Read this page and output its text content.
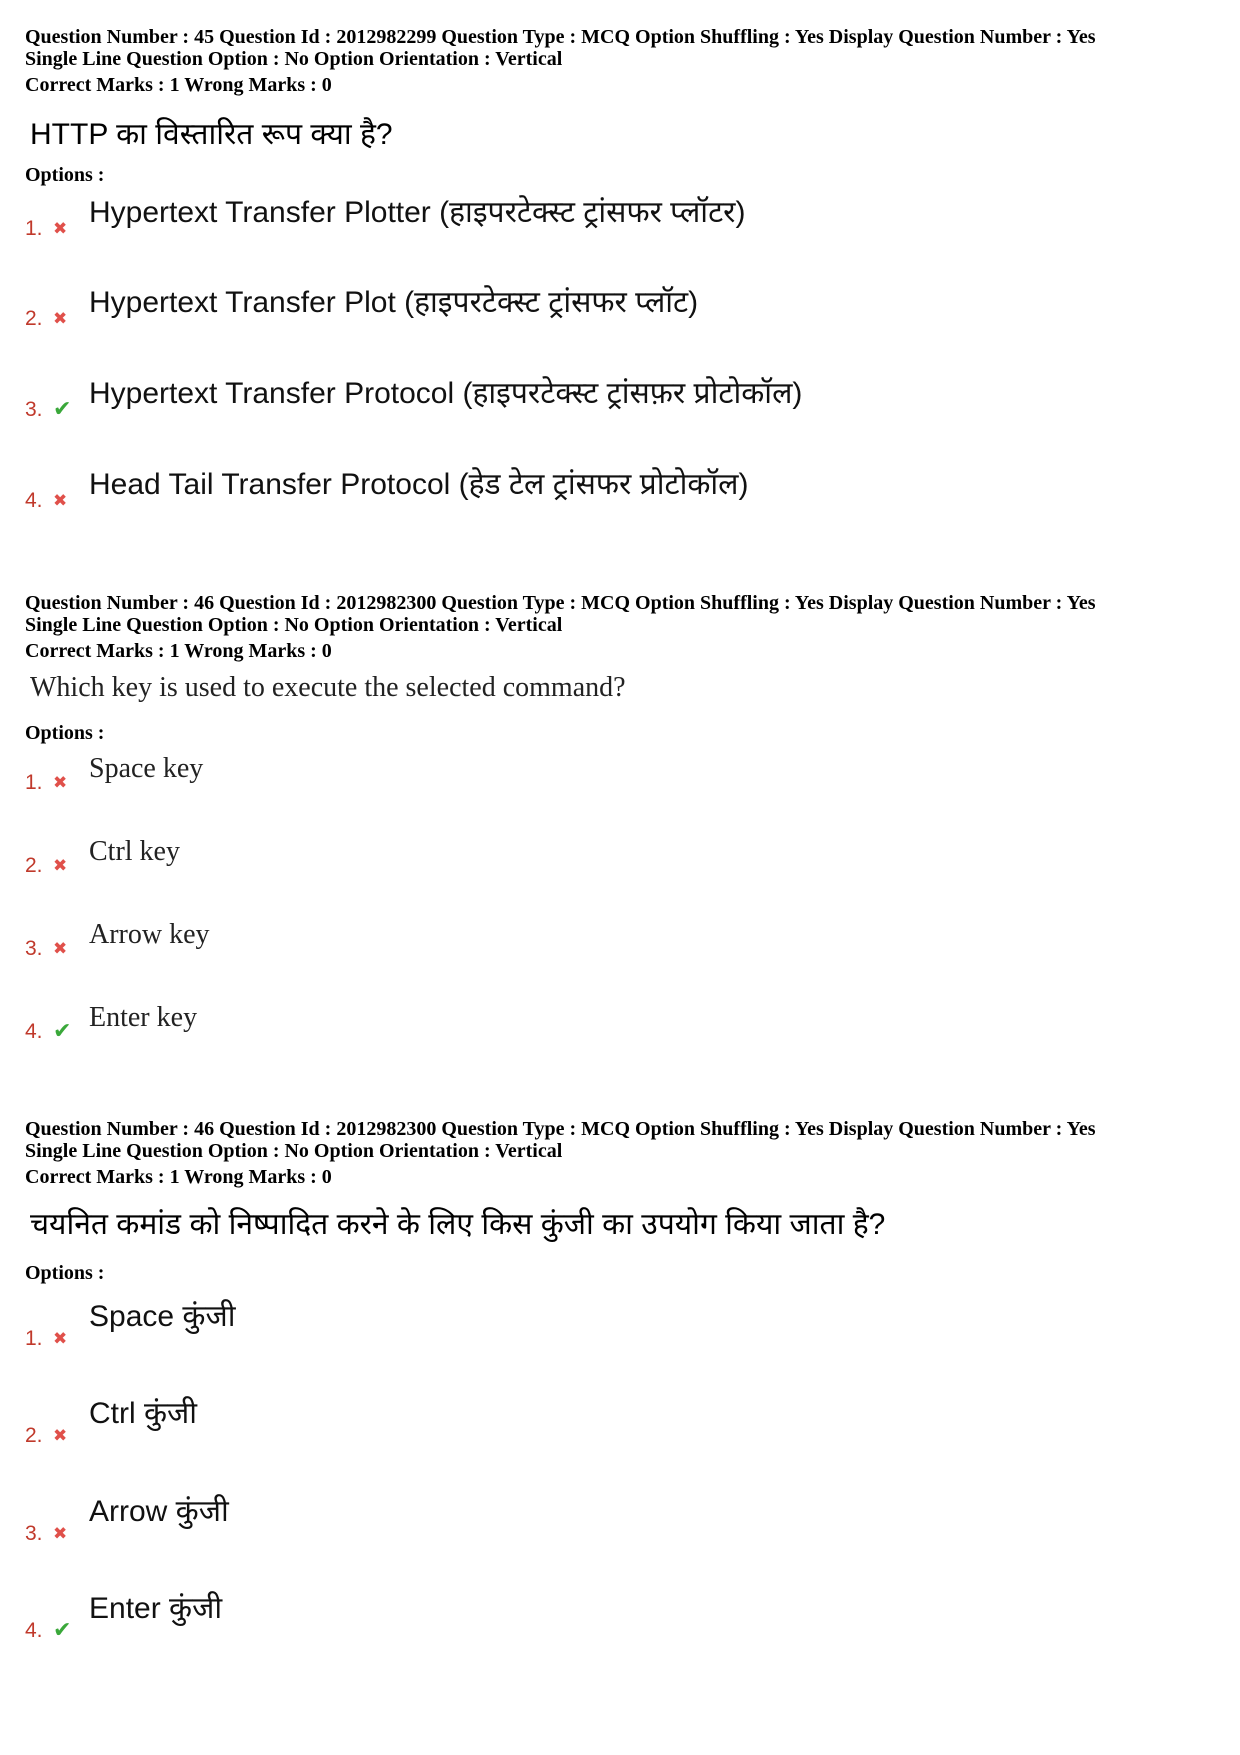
Question Number : 45 Question Id : 2012982299 Question Type : MCQ Option Shuffling : Yes Display Question Number : Yes
Single Line Question Option : No Option Orientation : Vertical
Correct Marks : 1 Wrong Marks : 0
HTTP का विस्तारित रूप क्या है?
Options :
1. ✖ Hypertext Transfer Plotter (हाइपरटेक्स्ट ट्रांसफर प्लॉटर)
2. ✖ Hypertext Transfer Plot (हाइपरटेक्स्ट ट्रांसफर प्लॉट)
3. ✔ Hypertext Transfer Protocol (हाइपरटेक्स्ट ट्रांसफ़र प्रोटोकॉल)
4. ✖ Head Tail Transfer Protocol (हेड टेल ट्रांसफर प्रोटोकॉल)
Question Number : 46 Question Id : 2012982300 Question Type : MCQ Option Shuffling : Yes Display Question Number : Yes
Single Line Question Option : No Option Orientation : Vertical
Correct Marks : 1 Wrong Marks : 0
Which key is used to execute the selected command?
Options :
1. ✖ Space key
2. ✖ Ctrl key
3. ✖ Arrow key
4. ✔ Enter key
Question Number : 46 Question Id : 2012982300 Question Type : MCQ Option Shuffling : Yes Display Question Number : Yes
Single Line Question Option : No Option Orientation : Vertical
Correct Marks : 1 Wrong Marks : 0
चयनित कमांड को निष्पादित करने के लिए किस कुंजी का उपयोग किया जाता है?
Options :
1. ✖
Space कुंजी
2. ✖
Ctrl कुंजी
3. ✖
Arrow कुंजी
4. ✔
Enter कुंजी
